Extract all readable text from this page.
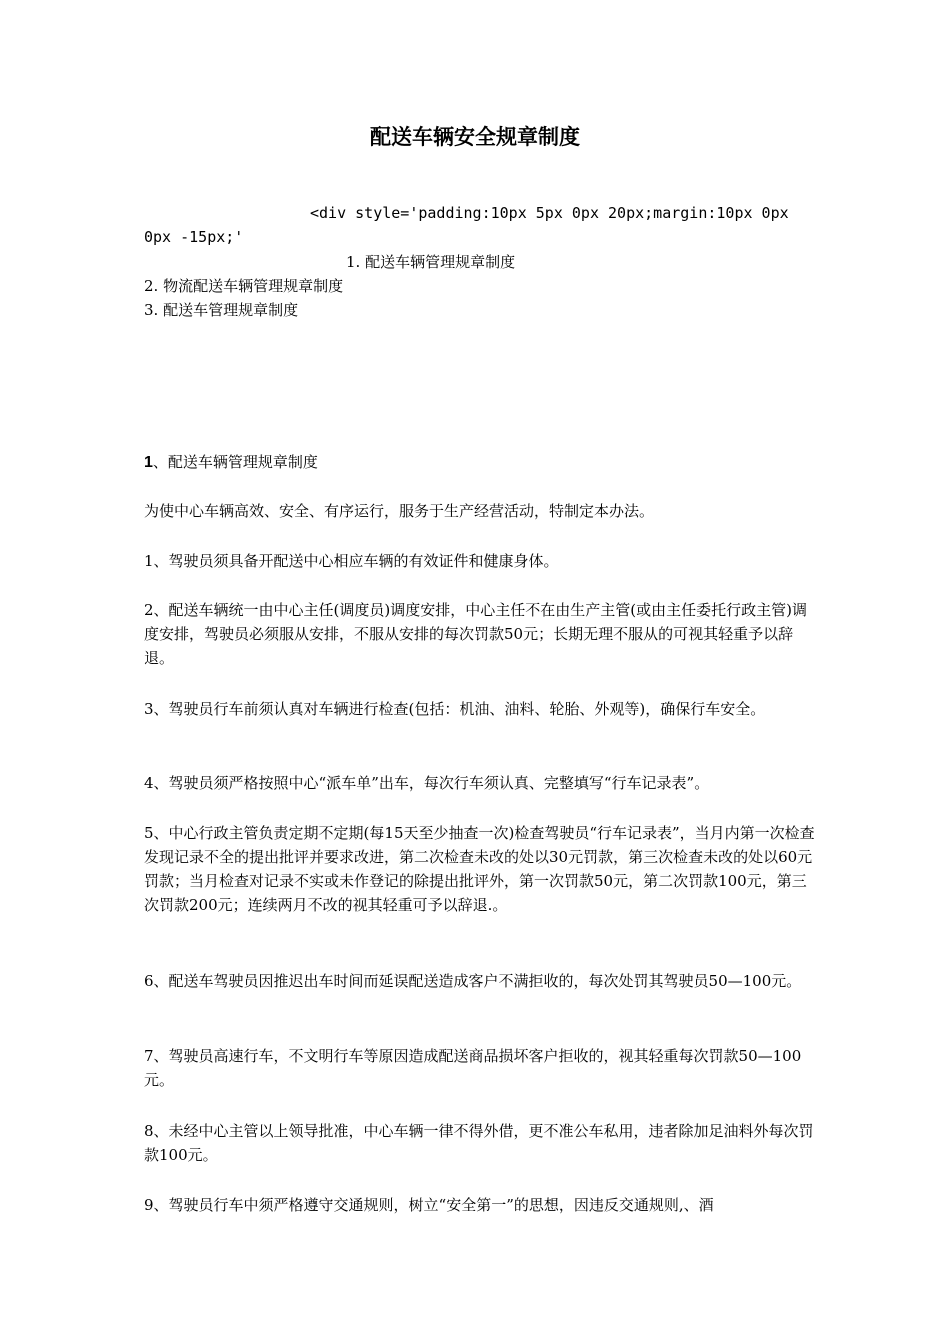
配送车辆安全规章制度
<div style='padding:10px 5px 0px 20px;margin:10px 0px
0px -15px;'
1. 配送车辆管理规章制度
2. 物流配送车辆管理规章制度
3. 配送车管理规章制度
1、配送车辆管理规章制度
为使中心车辆高效、安全、有序运行，服务于生产经营活动，特制定本办法。
1、驾驶员须具备开配送中心相应车辆的有效证件和健康身体。
2、配送车辆统一由中心主任(调度员)调度安排，中心主任不在由生产主管(或由主任委托行政主管)调度安排，驾驶员必须服从安排，不服从安排的每次罚款50元；长期无理不服从的可视其轻重予以辞退。
3、驾驶员行车前须认真对车辆进行检查(包括：机油、油料、轮胎、外观等)，确保行车安全。
4、驾驶员须严格按照中心“派车单”出车，每次行车须认真、完整填写“行车记录表”。
5、中心行政主管负责定期不定期(每15天至少抽查一次)检查驾驶员“行车记录表”，当月内第一次检查发现记录不全的提出批评并要求改进，第二次检查未改的处以30元罚款，第三次检查未改的处以60元罚款；当月检查对记录不实或未作登记的除提出批评外，第一次罚款50元，第二次罚款100元，第三次罚款200元；连续两月不改的视其轻重可予以辞退.。
6、配送车驾驶员因推迟出车时间而延误配送造成客户不满拒收的，每次处罚其驾驶员50—100元。
7、驾驶员高速行车，不文明行车等原因造成配送商品损坏客户拒收的，视其轻重每次罚款50—100元。
8、未经中心主管以上领导批准，中心车辆一律不得外借，更不准公车私用，违者除加足油料外每次罚款100元。
9、驾驶员行车中须严格遵守交通规则，树立“安全第一”的思想，因违反交通规则,、酒
